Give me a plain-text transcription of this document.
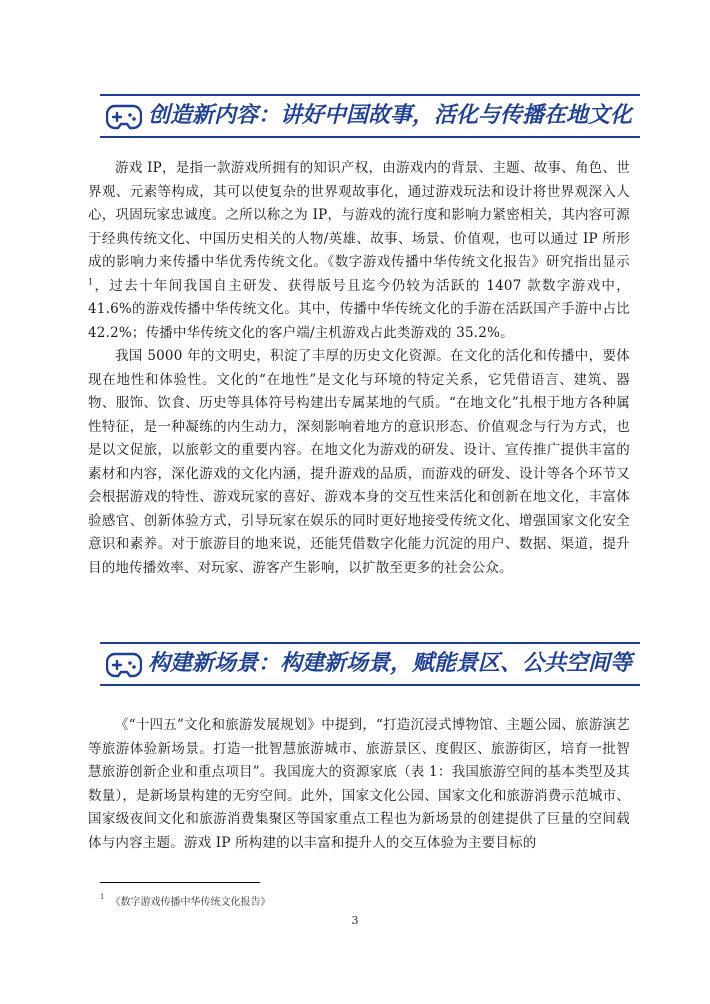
创造新内容：讲好中国故事，活化与传播在地文化

游戏 IP，是指一款游戏所拥有的知识产权，由游戏内的背景、主题、故事、角色、世界观、元素等构成，其可以使复杂的世界观故事化，通过游戏玩法和设计将世界观深入人心，巩固玩家忠诚度。之所以称之为 IP，与游戏的流行度和影响力紧密相关，其内容可源于经典传统文化、中国历史相关的人物/英雄、故事、场景、价值观，也可以通过 IP 所形成的影响力来传播中华优秀传统文化。《数字游戏传播中华传统文化报告》研究指出显示$^1$，过去十年间我国自主研发、获得版号且迄今仍较为活跃的 1407 款数字游戏中，41.6%的游戏传播中华传统文化。其中，传播中华传统文化的手游在活跃国产手游中占比 42.2%；传播中华传统文化的客户端/主机游戏占此类游戏的 35.2%。

我国 5000 年的文明史，积淀了丰厚的历史文化资源。在文化的活化和传播中，要体现在地性和体验性。文化的“在地性”是文化与环境的特定关系，它凭借语言、建筑、器物、服饰、饮食、历史等具体符号构建出专属某地的气质。“在地文化”扎根于地方各种属性特征，是一种凝练的内生动力，深刻影响着地方的意识形态、价值观念与行为方式，也是以文促旅，以旅彰文的重要内容。在地文化为游戏的研发、设计、宣传推广提供丰富的素材和内容，深化游戏的文化内涵，提升游戏的品质，而游戏的研发、设计等各个环节又会根据游戏的特性、游戏玩家的喜好、游戏本身的交互性来活化和创新在地文化，丰富体验感官、创新体验方式，引导玩家在娱乐的同时更好地接受传统文化、增强国家文化安全意识和素养。对于旅游目的地来说，还能凭借数字化能力沉淀的用户、数据、渠道，提升目的地传播效率、对玩家、游客产生影响，以扩散至更多的社会公众。

构建新场景：构建新场景，赋能景区、公共空间等

《“十四五”文化和旅游发展规划》中提到，“打造沉浸式博物馆、主题公园、旅游演艺等旅游体验新场景。打造一批智慧旅游城市、旅游景区、度假区、旅游街区，培育一批智慧旅游创新企业和重点项目”。我国庞大的资源家底（表 1：我国旅游空间的基本类型及其数量），是新场景构建的无穷空间。此外，国家文化公园、国家文化和旅游消费示范城市、国家级夜间文化和旅游消费集聚区等国家重点工程也为新场景的创建提供了巨量的空间载体与内容主题。游戏 IP 所构建的以丰富和提升人的交互体验为主要目标的

$^1$ 《数字游戏传播中华传统文化报告》
3
